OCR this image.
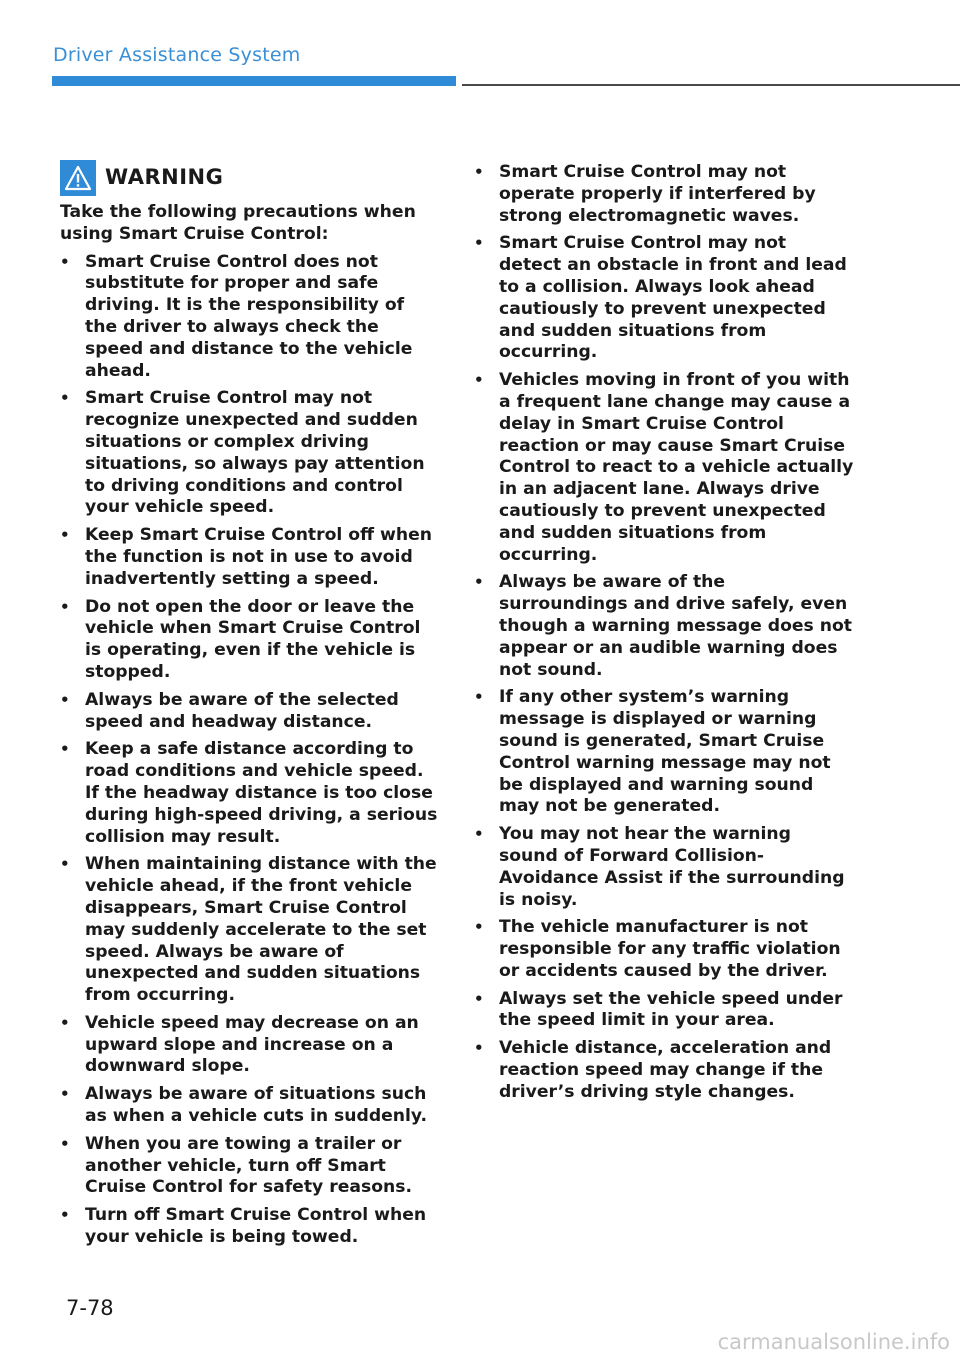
Driver Assistance System
WARNING

Take the following precautions when using Smart Cruise Control:

• Smart Cruise Control does not substitute for proper and safe driving. It is the responsibility of the driver to always check the speed and distance to the vehicle ahead.
• Smart Cruise Control may not recognize unexpected and sudden situations or complex driving situations, so always pay attention to driving conditions and control your vehicle speed.
• Keep Smart Cruise Control off when the function is not in use to avoid inadvertently setting a speed.
• Do not open the door or leave the vehicle when Smart Cruise Control is operating, even if the vehicle is stopped.
• Always be aware of the selected speed and headway distance.
• Keep a safe distance according to road conditions and vehicle speed. If the headway distance is too close during high-speed driving, a serious collision may result.
• When maintaining distance with the vehicle ahead, if the front vehicle disappears, Smart Cruise Control may suddenly accelerate to the set speed. Always be aware of unexpected and sudden situations from occurring.
• Vehicle speed may decrease on an upward slope and increase on a downward slope.
• Always be aware of situations such as when a vehicle cuts in suddenly.
• When you are towing a trailer or another vehicle, turn off Smart Cruise Control for safety reasons.
• Turn off Smart Cruise Control when your vehicle is being towed.
• Smart Cruise Control may not operate properly if interfered by strong electromagnetic waves.
• Smart Cruise Control may not detect an obstacle in front and lead to a collision. Always look ahead cautiously to prevent unexpected and sudden situations from occurring.
• Vehicles moving in front of you with a frequent lane change may cause a delay in Smart Cruise Control reaction or may cause Smart Cruise Control to react to a vehicle actually in an adjacent lane. Always drive cautiously to prevent unexpected and sudden situations from occurring.
• Always be aware of the surroundings and drive safely, even though a warning message does not appear or an audible warning does not sound.
• If any other system’s warning message is displayed or warning sound is generated, Smart Cruise Control warning message may not be displayed and warning sound may not be generated.
• You may not hear the warning sound of Forward Collision-Avoidance Assist if the surrounding is noisy.
• The vehicle manufacturer is not responsible for any traffic violation or accidents caused by the driver.
• Always set the vehicle speed under the speed limit in your area.
• Vehicle distance, acceleration and reaction speed may change if the driver’s driving style changes.
7-78
carmanualsonline.info
